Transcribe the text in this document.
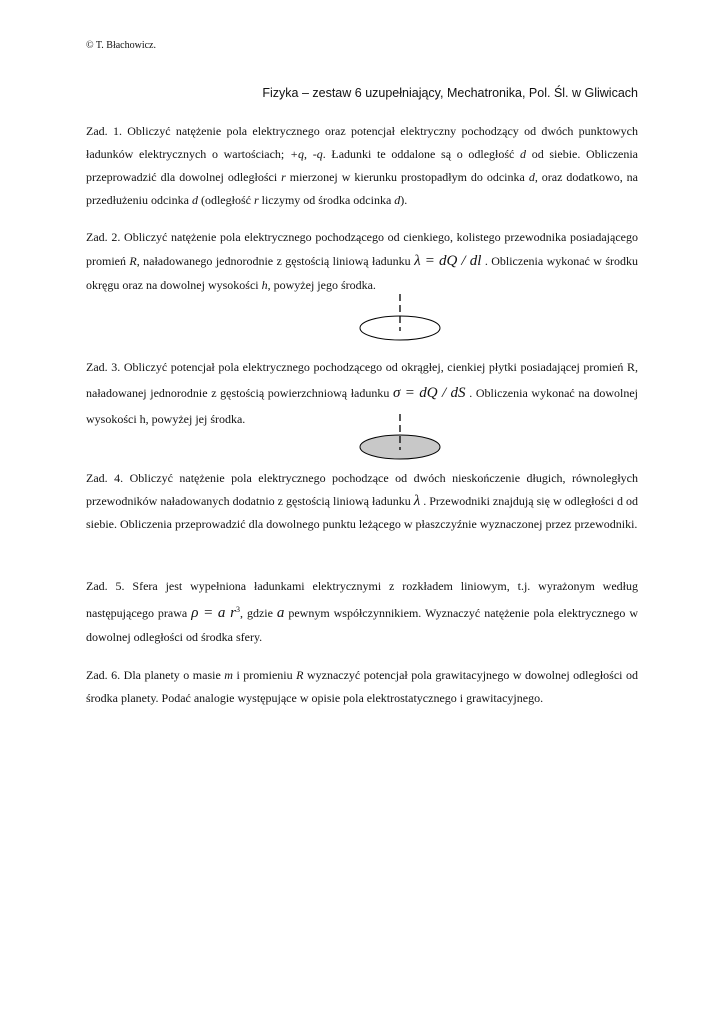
© T. Błachowicz.
Fizyka – zestaw 6 uzupełniający, Mechatronika, Pol. Śl. w Gliwicach

Zad. 1. Obliczyć natężenie pola elektrycznego oraz potencjał elektryczny pochodzący od dwóch punktowych ładunków elektrycznych o wartościach; +q, -q. Ładunki te oddalone są o odległość d od siebie. Obliczenia przeprowadzić dla dowolnej odległości r mierzonej w kierunku prostopadłym do odcinka d, oraz dodatkowo, na przedłużeniu odcinka d (odległość r liczymy od środka odcinka d).

Zad. 2. Obliczyć natężenie pola elektrycznego pochodzącego od cienkiego, kolistego przewodnika posiadającego promień R, naładowanego jednorodnie z gęstością liniową ładunku λ = dQ / dl . Obliczenia wykonać w środku okręgu oraz na dowolnej wysokości h, powyżej jego środka.

Zad. 3. Obliczyć potencjał pola elektrycznego pochodzącego od okrągłej, cienkiej płytki posiadającej promień R, naładowanej jednorodnie z gęstością powierzchniową ładunku σ = dQ / dS . Obliczenia wykonać na dowolnej wysokości h, powyżej jej środka.

Zad. 4. Obliczyć natężenie pola elektrycznego pochodzące od dwóch nieskończenie długich, równoległych przewodników naładowanych dodatnio z gęstością liniową ładunku λ . Przewodniki znajdują się w odległości d od siebie. Obliczenia przeprowadzić dla dowolnego punktu leżącego w płaszczyźnie wyznaczonej przez przewodniki.

Zad. 5. Sfera jest wypełniona ładunkami elektrycznymi z rozkładem liniowym, t.j. wyrażonym według następującego prawa ρ = a $r^3$, gdzie a pewnym współczynnikiem. Wyznaczyć natężenie pola elektrycznego w dowolnej odległości od środka sfery.

Zad. 6. Dla planety o masie m i promieniu R wyznaczyć potencjał pola grawitacyjnego w dowolnej odległości od środka planety. Podać analogie występujące w opisie pola elektrostatycznego i grawitacyjnego.
